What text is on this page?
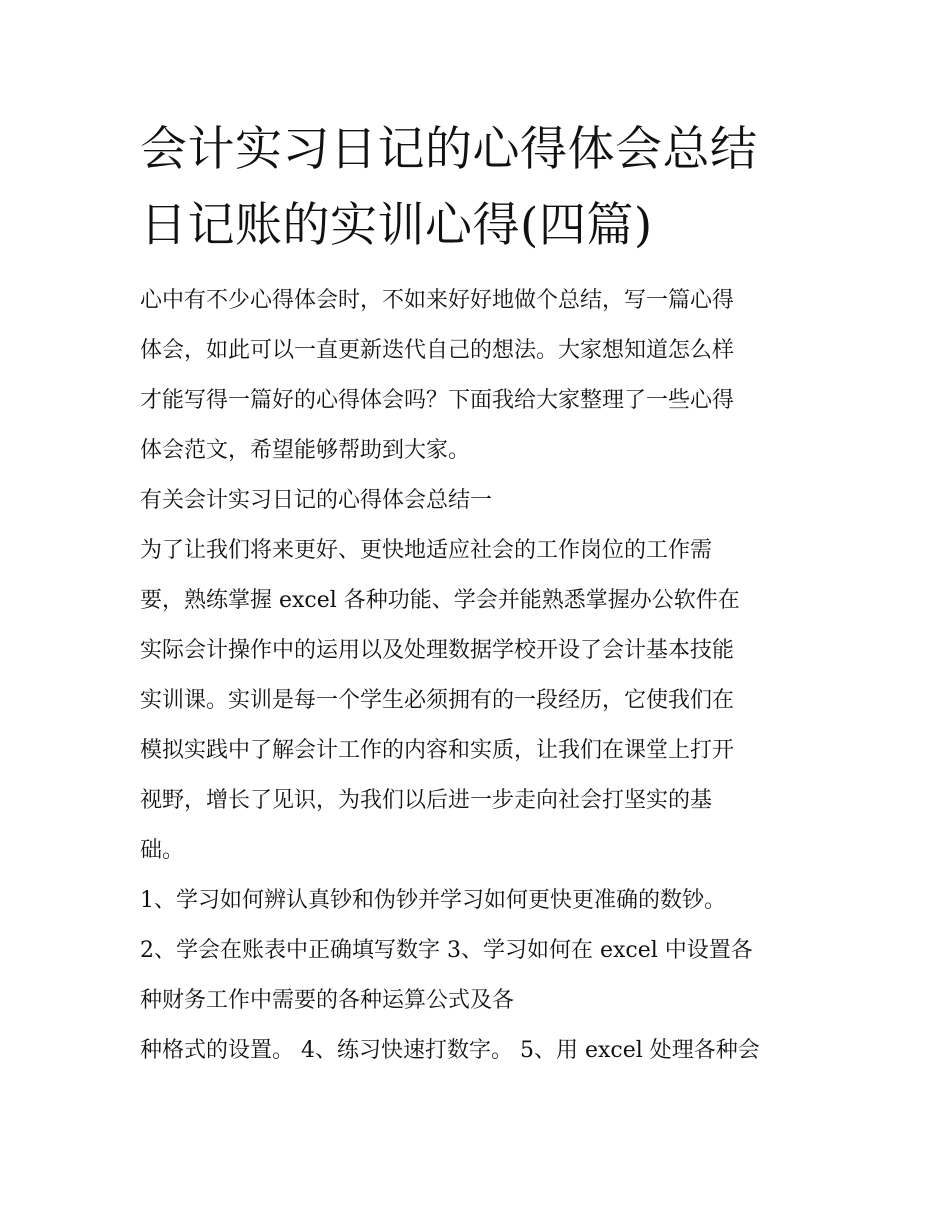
会计实习日记的心得体会总结
日记账的实训心得(四篇)

心中有不少心得体会时，不如来好好地做个总结，写一篇心得
体会，如此可以一直更新迭代自己的想法。大家想知道怎么样
才能写得一篇好的心得体会吗？下面我给大家整理了一些心得
体会范文，希望能够帮助到大家。

有关会计实习日记的心得体会总结一

为了让我们将来更好、更快地适应社会的工作岗位的工作需
要，熟练掌握 excel 各种功能、学会并能熟悉掌握办公软件在
实际会计操作中的运用以及处理数据学校开设了会计基本技能
实训课。实训是每一个学生必须拥有的一段经历，它使我们在
模拟实践中了解会计工作的内容和实质，让我们在课堂上打开
视野，增长了见识，为我们以后进一步走向社会打坚实的基
础。

1、学习如何辨认真钞和伪钞并学习如何更快更准确的数钞。

2、学会在账表中正确填写数字 3、学习如何在 excel 中设置各
种财务工作中需要的各种运算公式及各

种格式的设置。 4、练习快速打数字。 5、用 excel 处理各种会
